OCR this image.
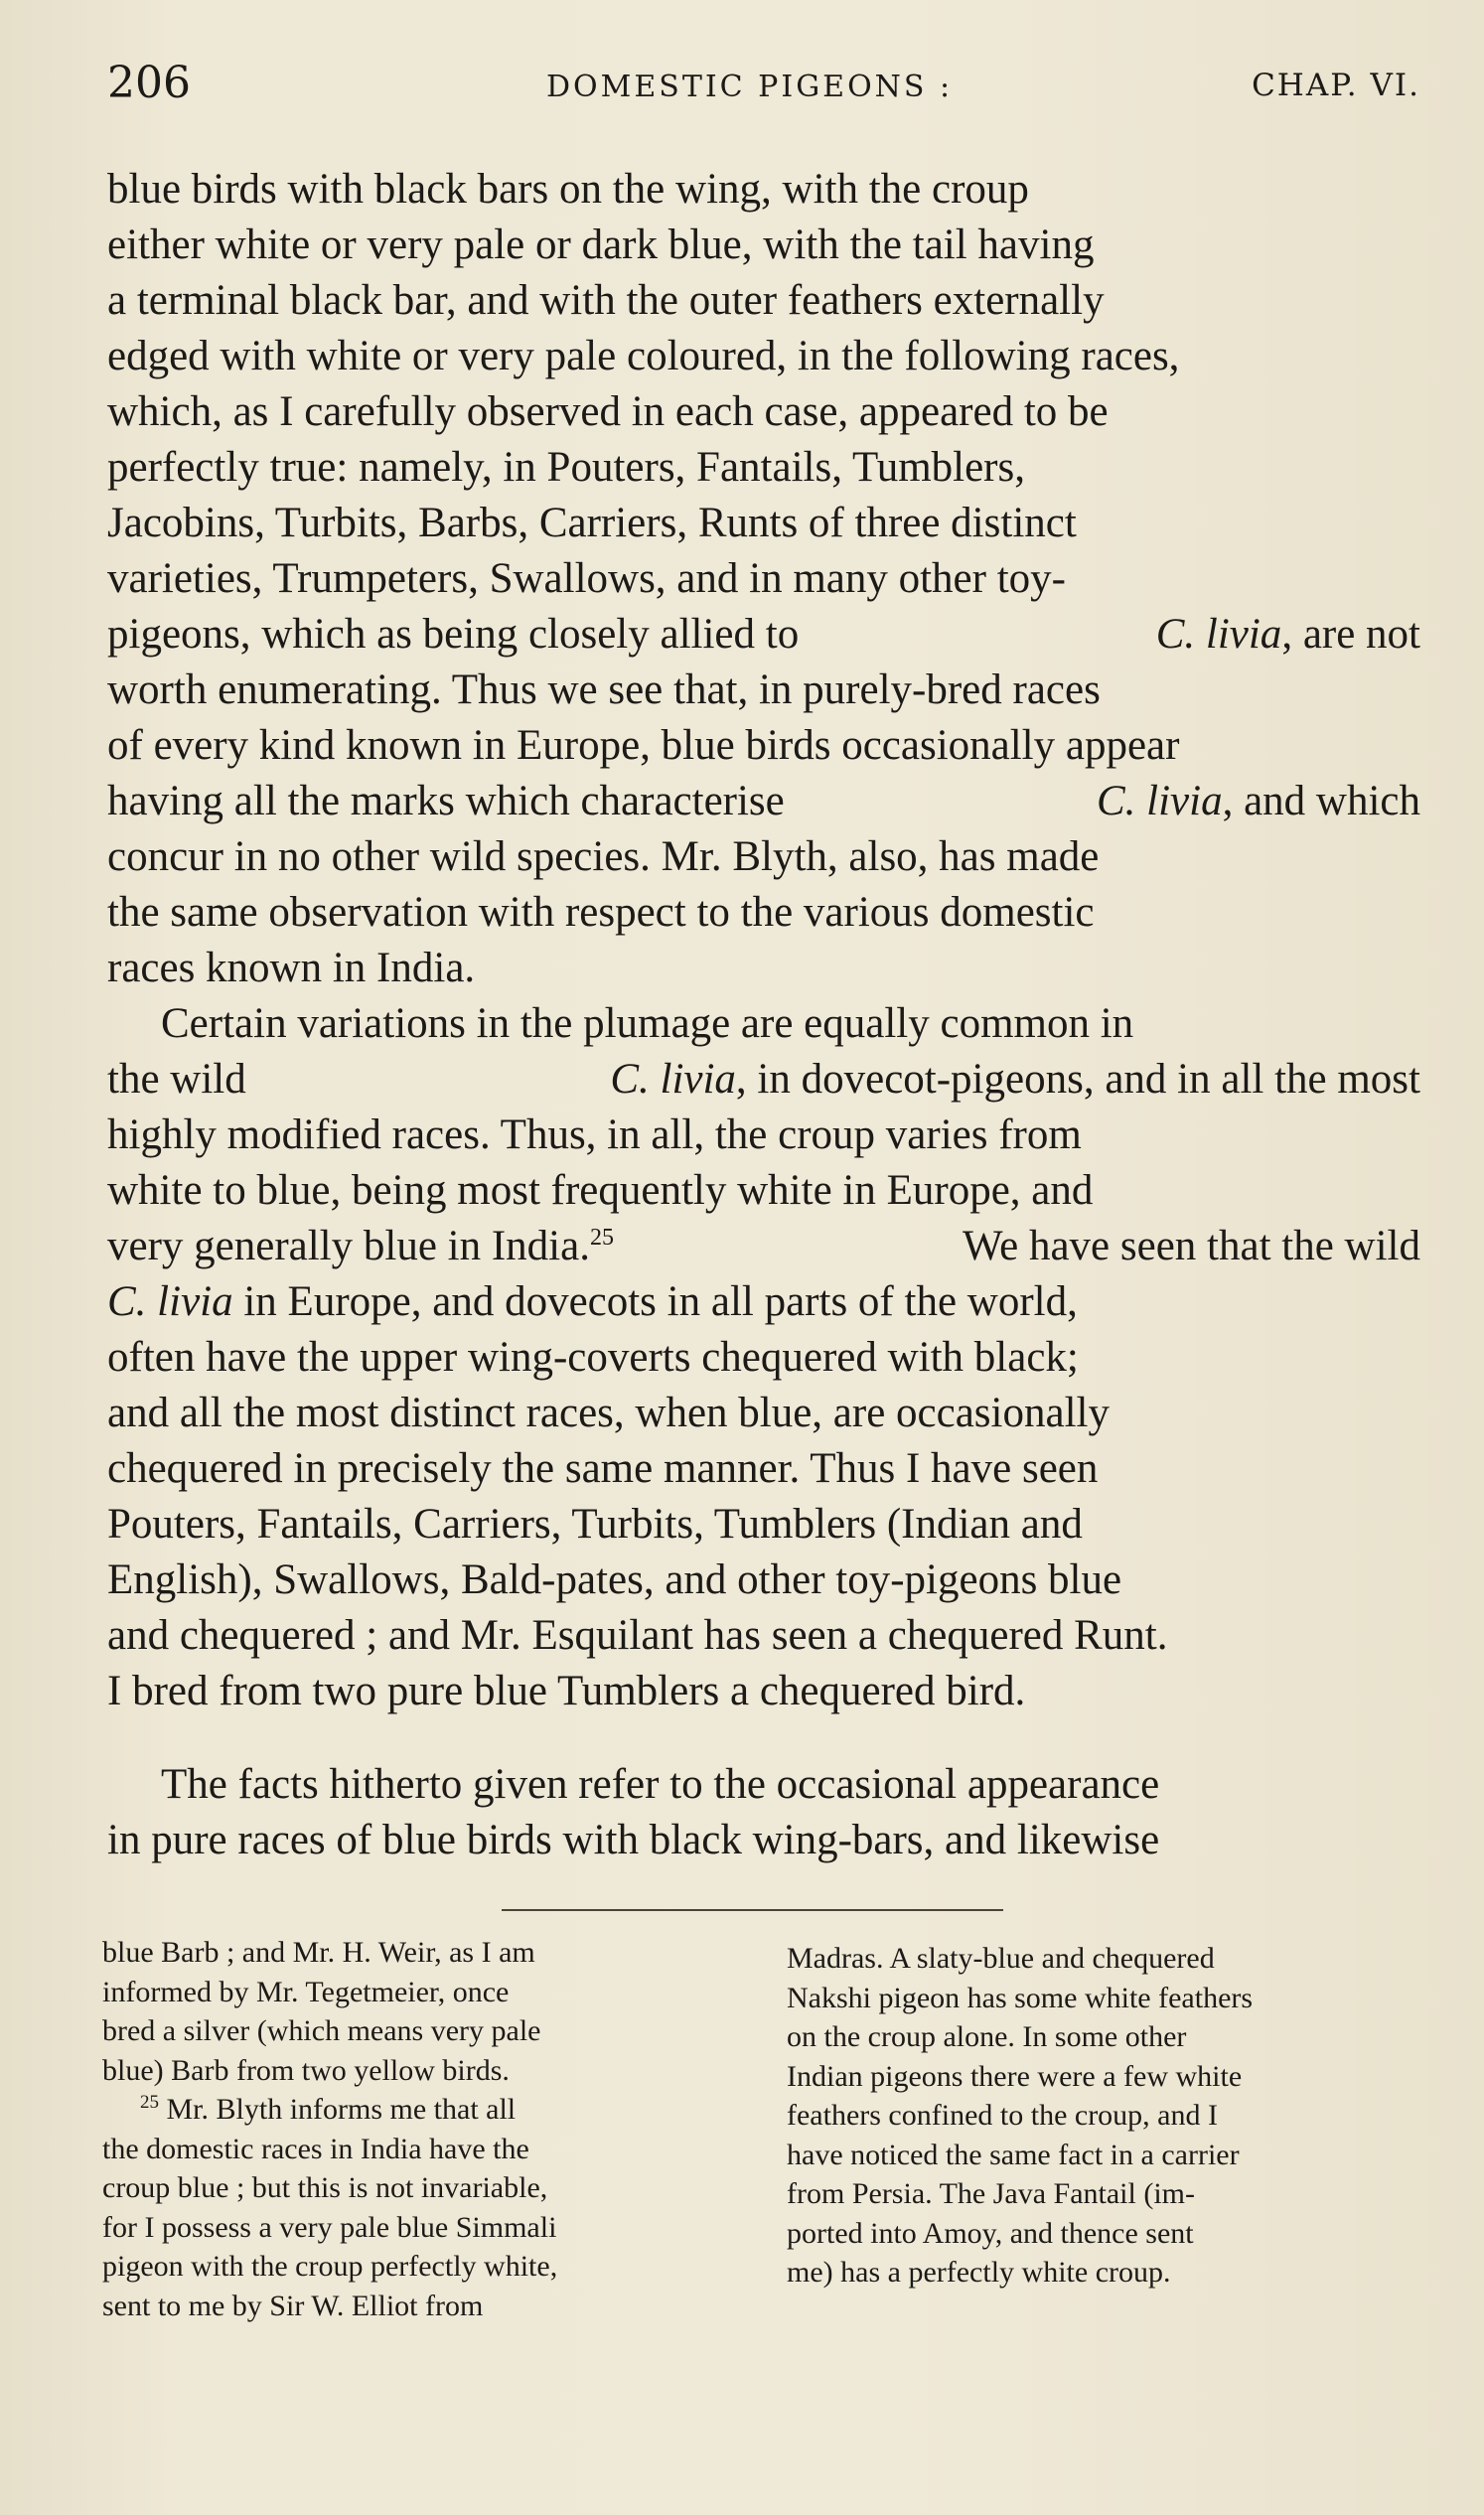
206	DOMESTIC PIGEONS :	CHAP. VI.
blue birds with black bars on the wing, with the croup
either white or very pale or dark blue, with the tail having
a terminal black bar, and with the outer feathers externally
edged with white or very pale coloured, in the following races,
which, as I carefully observed in each case, appeared to be
perfectly true: namely, in Pouters, Fantails, Tumblers,
Jacobins, Turbits, Barbs, Carriers, Runts of three distinct
varieties, Trumpeters, Swallows, and in many other toy-
pigeons, which as being closely allied to	C. livia, are not
worth enumerating. Thus we see that, in purely-bred races
of every kind known in Europe, blue birds occasionally appear
having all the marks which characterise	C. livia, and which
concur in no other wild species. Mr. Blyth, also, has made
the same observation with respect to the various domestic
races known in India.
Certain variations in the plumage are equally common in
the wild	C. livia, in dovecot-pigeons, and in all the most
highly modified races. Thus, in all, the croup varies from
white to blue, being most frequently white in Europe, and
very generally blue in India.$^{25}$	We have seen that the wild
C. livia in Europe, and dovecots in all parts of the world,
often have the upper wing-coverts chequered with black;
and all the most distinct races, when blue, are occasionally
chequered in precisely the same manner. Thus I have seen
Pouters, Fantails, Carriers, Turbits, Tumblers (Indian and
English), Swallows, Bald-pates, and other toy-pigeons blue
and chequered ; and Mr. Esquilant has seen a chequered Runt.
I bred from two pure blue Tumblers a chequered bird.
The facts hitherto given refer to the occasional appearance
in pure races of blue birds with black wing-bars, and likewise
blue Barb ; and Mr. H. Weir, as I am
informed by Mr. Tegetmeier, once
bred a silver (which means very pale
blue) Barb from two yellow birds.
$^{25}$ Mr. Blyth informs me that all
the domestic races in India have the
croup blue ; but this is not invariable,
for I possess a very pale blue Simmali
pigeon with the croup perfectly white,
sent to me by Sir W. Elliot from
Madras. A slaty-blue and chequered
Nakshi pigeon has some white feathers
on the croup alone. In some other
Indian pigeons there were a few white
feathers confined to the croup, and I
have noticed the same fact in a carrier
from Persia. The Java Fantail (im-
ported into Amoy, and thence sent
me) has a perfectly white croup.
